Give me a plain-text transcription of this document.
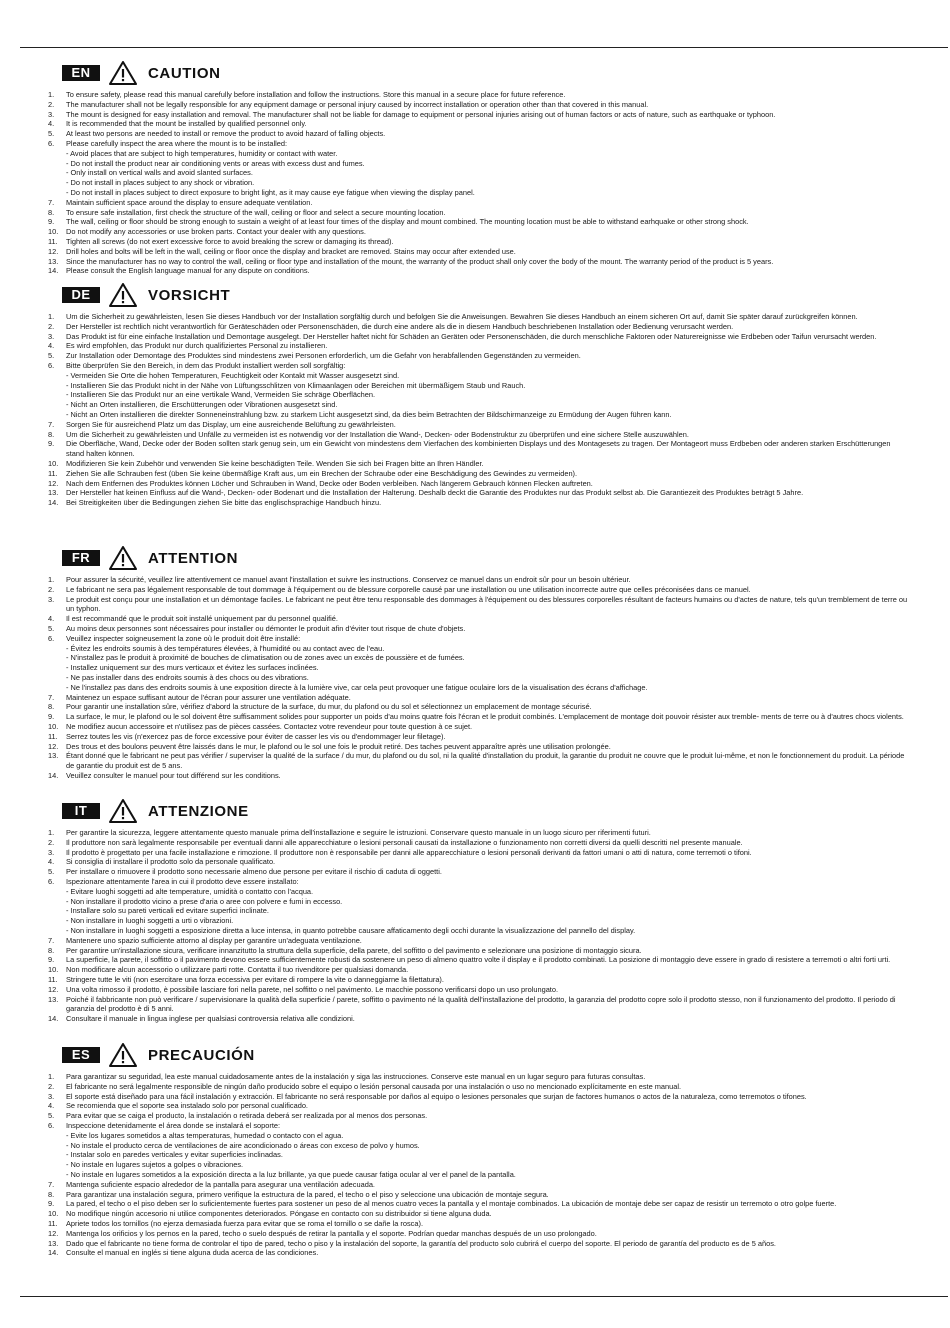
EN	CAUTION
1.	To ensure safety, please read this manual carefully before installation and follow the instructions. Store this manual in a secure place for future reference.
2.	The manufacturer shall not be legally responsible for any equipment damage or personal injury caused by incorrect installation or operation other than that covered in this manual.
3.	The mount is designed for easy installation and removal. The manufacturer shall not be liable for damage to equipment or personal injuries arising out of human factors or acts of nature, such as earthquake or typhoon.
4.	It is recommended that the mount be installed by qualified personnel only.
5.	At least two persons are needed to install or remove the product to avoid hazard of falling objects.
6.	Please carefully inspect the area where the mount is to be installed:
- Avoid places that are subject to high temperatures, humidity or contact with water.
- Do not install the product near air conditioning vents or areas with excess dust and fumes.
- Only install on vertical walls and avoid slanted surfaces.
- Do not install in places subject to any shock or vibration.
- Do not install in places subject to direct exposure to bright light, as it may cause eye fatigue when viewing the display panel.
7.	Maintain sufficient space around the display to ensure adequate ventilation.
8.	To ensure safe installation, first check the structure of the wall, ceiling or floor and select a secure mounting location.
9.	The wall, ceiling or floor should be strong enough to sustain a weight of at least four times of the display and mount combined. The mounting location must be able to withstand earhquake or other strong shock.
10.	Do not modify any accessories or use broken parts. Contact your dealer with any questions.
11.	Tighten all screws (do not exert excessive force to avoid breaking the screw or damaging its thread).
12.	Drill holes and bolts will be left in the wall, ceiling or floor once the display and bracket are removed. Stains may occur after extended use.
13.	Since the manufacturer has no way to control the wall, ceiling or floor type and installation of the mount, the warranty of the product shall only cover the body of the mount. The warranty period of the product is 5 years.
14.	Please consult the English language manual for any dispute on conditions.
DE	VORSICHT
1.	Um die Sicherheit zu gewährleisten, lesen Sie dieses Handbuch vor der Installation sorgfältig durch und befolgen Sie die Anweisungen. Bewahren Sie dieses Handbuch an einem sicheren Ort auf, damit Sie später darauf zurückgreifen können.
2.	Der Hersteller ist rechtlich nicht verantwortlich für Geräteschäden oder Personenschäden, die durch eine andere als die in diesem Handbuch beschriebenen Installation oder Bedienung verursacht werden.
3.	Das Produkt ist für eine einfache Installation und Demontage ausgelegt. Der Hersteller haftet nicht für Schäden an Geräten oder Personenschäden, die durch menschliche Faktoren oder Naturereignisse wie Erdbeben oder Taifun verursacht werden.
4.	Es wird empfohlen, das Produkt nur durch qualifiziertes Personal zu installieren.
5.	Zur Installation oder Demontage des Produktes sind mindestens zwei Personen erforderlich, um die Gefahr von herabfallenden Gegenständen zu vermeiden.
6.	Bitte überprüfen Sie den Bereich, in dem das Produkt installiert werden soll sorgfältig:
- Vermeiden Sie Orte die hohen Temperaturen, Feuchtigkeit oder Kontakt mit Wasser ausgesetzt sind.
- Installieren Sie das Produkt nicht in der Nähe von Lüftungsschlitzen von Klimaanlagen oder Bereichen mit übermäßigem Staub und Rauch.
- Installieren Sie das Produkt nur an eine vertikale Wand, Vermeiden Sie schräge Oberflächen.
- Nicht an Orten installieren, die Erschütterungen oder Vibrationen ausgesetzt sind.
- Nicht an Orten installieren die direkter Sonneneinstrahlung bzw. zu starkem Licht ausgesetzt sind, da dies beim Betrachten der Bildschirmanzeige zu Ermüdung der Augen führen kann.
7.	Sorgen Sie für ausreichend Platz um das Display, um eine ausreichende Belüftung zu gewährleisten.
8.	Um die Sicherheit zu gewährleisten und Unfälle zu vermeiden ist es notwendig vor der Installation die Wand-, Decken- oder Bodenstruktur zu überprüfen und eine sichere Stelle auszuwählen.
9.	Die Oberfläche, Wand, Decke oder der Boden sollten stark genug sein, um ein Gewicht von mindestens dem Vierfachen des kombinierten Displays und des Montagesets zu tragen. Der Montageort muss Erdbeben oder anderen starken Erschütterungen stand halten können.
10.	Modifizieren Sie kein Zubehör und verwenden Sie keine beschädigten Teile. Wenden Sie sich bei Fragen bitte an Ihren Händler.
11.	Ziehen Sie alle Schrauben fest (üben Sie keine übermäßige Kraft aus, um ein Brechen der Schraube oder eine Beschädigung des Gewindes zu vermeiden).
12.	Nach dem Entfernen des Produktes können Löcher und Schrauben in Wand, Decke oder Boden verbleiben. Nach längerem Gebrauch können Flecken auftreten.
13.	Der Hersteller hat keinen Einfluss auf die Wand-, Decken- oder Bodenart und die Installation der Halterung. Deshalb deckt die Garantie des Produktes nur das Produkt selbst ab. Die Garantiezeit des Produktes beträgt 5 Jahre.
14.	Bei Streitigkeiten über die Bedingungen ziehen Sie bitte das englischsprachige Handbuch hinzu.
FR	ATTENTION
1.	Pour assurer la sécurité, veuillez lire attentivement ce manuel avant l'installation et suivre les instructions. Conservez ce manuel dans un endroit sûr pour un besoin ultérieur.
2.	Le fabricant ne sera pas légalement responsable de tout dommage à l'équipement ou de blessure corporelle causé par une installation ou une utilisation incorrecte autre que celles préconisées dans ce manuel.
3.	Le produit est conçu pour une installation et un démontage faciles. Le fabricant ne peut être tenu responsable des dommages à l'équipement ou des blessures corporelles résultant de facteurs humains ou d'actes de nature, tels qu'un tremblement de terre ou un typhon.
4.	Il est recommandé que le produit soit installé uniquement par du personnel qualifié.
5.	Au moins deux personnes sont nécessaires pour installer ou démonter le produit afin d'éviter tout risque de chute d'objets.
6.	Veuillez inspecter soigneusement la zone où le produit doit être installé:
- Évitez les endroits soumis à des températures élevées, à l'humidité ou au contact avec de l'eau.
- N'installez pas le produit à proximité de bouches de climatisation ou de zones avec un excès de poussière et de fumées.
- Installez uniquement sur des murs verticaux et évitez les surfaces inclinées.
- Ne pas installer dans des endroits soumis à des chocs ou des vibrations.
- Ne l'installez pas dans des endroits soumis à une exposition directe à la lumière vive, car cela peut provoquer une fatigue oculaire lors de la visualisation des écrans d'affichage.
7.	Maintenez un espace suffisant autour de l'écran pour assurer une ventilation adéquate.
8.	Pour garantir une installation sûre, vérifiez d'abord la structure de la surface, du mur, du plafond ou du sol et sélectionnez un emplacement de montage sécurisé.
9.	La surface, le mur, le plafond ou le sol doivent être suffisamment solides pour supporter un poids d'au moins quatre fois l'écran et le produit combinés. L'emplacement de montage doit pouvoir résister aux tremble- ments de terre ou à d'autres chocs violents.
10.	Ne modifiez aucun accessoire et n'utilisez pas de pièces cassées. Contactez votre revendeur pour toute question à ce sujet.
11.	Serrez toutes les vis (n'exercez pas de force excessive pour éviter de casser les vis ou d'endommager leur filetage).
12.	Des trous et des boulons peuvent être laissés dans le mur, le plafond ou le sol une fois le produit retiré. Des taches peuvent apparaître après une utilisation prolongée.
13.	Étant donné que le fabricant ne peut pas vérifier / superviser la qualité de la surface / du mur, du plafond ou du sol, ni la qualité d'installation du produit, la garantie du produit ne couvre que le produit lui-même, et non le fonctionnement du produit. La période de garantie du produit est de 5 ans.
14.	Veuillez consulter le manuel pour tout différend sur les conditions.
IT	ATTENZIONE
1.	Per garantire la sicurezza, leggere attentamente questo manuale prima dell'installazione e seguire le istruzioni. Conservare questo manuale in un luogo sicuro per riferimenti futuri.
2.	Il produttore non sarà legalmente responsabile per eventuali danni alle apparecchiature o lesioni personali causati da installazione o funzionamento non corretti diversi da quelli descritti nel presente manuale.
3.	Il prodotto è progettato per una facile installazione e rimozione. Il produttore non è responsabile per danni alle apparecchiature o lesioni personali derivanti da fattori umani o atti di natura, come terremoti o tifoni.
4.	Si consiglia di installare il prodotto solo da personale qualificato.
5.	Per installare o rimuovere il prodotto sono necessarie almeno due persone per evitare il rischio di caduta di oggetti.
6.	Ispezionare attentamente l'area in cui il prodotto deve essere installato:
- Evitare luoghi soggetti ad alte temperature, umidità o contatto con l'acqua.
- Non installare il prodotto vicino a prese d'aria o aree con polvere e fumi in eccesso.
- Installare solo su pareti verticali ed evitare superfici inclinate.
- Non installare in luoghi soggetti a urti o vibrazioni.
- Non installare in luoghi soggetti a esposizione diretta a luce intensa, in quanto potrebbe causare affaticamento degli occhi durante la visualizzazione del pannello del display.
7.	Mantenere uno spazio sufficiente attorno al display per garantire un'adeguata ventilazione.
8.	Per garantire un'installazione sicura, verificare innanzitutto la struttura della superficie, della parete, del soffitto o del pavimento e selezionare una posizione di montaggio sicura.
9.	La superficie, la parete, il soffitto o il pavimento devono essere sufficientemente robusti da sostenere un peso di almeno quattro volte il display e il prodotto combinati. La posizione di montaggio deve essere in grado di resistere a terremoti o altri forti urti.
10.	Non modificare alcun accessorio o utilizzare parti rotte. Contatta il tuo rivenditore per qualsiasi domanda.
11.	Stringere tutte le viti (non esercitare una forza eccessiva per evitare di rompere la vite o danneggiarne la filettatura).
12.	Una volta rimosso il prodotto, è possibile lasciare fori nella parete, nel soffitto o nel pavimento. Le macchie possono verificarsi dopo un uso prolungato.
13.	Poiché il fabbricante non può verificare / supervisionare la qualità della superficie / parete, soffitto o pavimento né la qualità dell'installazione del prodotto, la garanzia del prodotto copre solo il prodotto stesso, non il funzionamento del prodotto. Il periodo di garanzia del prodotto è di 5 anni.
14.	Consultare il manuale in lingua inglese per qualsiasi controversia relativa alle condizioni.
ES	PRECAUCIÓN
1.	Para garantizar su seguridad, lea este manual cuidadosamente antes de la instalación y siga las instrucciones. Conserve este manual en un lugar seguro para futuras consultas.
2.	El fabricante no será legalmente responsible de ningún daño producido sobre el equipo o lesión personal causada por una instalación o uso no mencionado explícitamente en este manual.
3.	El soporte está diseñado para una fácil instalación y extracción. El fabricante no será responsable por daños al equipo o lesiones personales que surjan de factores humanos o actos de la naturaleza, como terremotos o tifones.
4.	Se recomienda que el soporte sea instalado solo por personal cualificado.
5.	Para evitar que se caiga el producto, la instalación o retirada deberá ser realizada por al menos dos personas.
6.	Inspeccione detenidamente el área donde se instalará el soporte:
- Evite los lugares sometidos a altas temperaturas, humedad o contacto con el agua.
- No instale el producto cerca de ventilaciones de aire acondicionado o áreas con exceso de polvo y humos.
- Instalar solo en paredes verticales y evitar superficies inclinadas.
- No instale en lugares sujetos a golpes o vibraciones.
- No instale en lugares sometidos a la exposición directa a la luz brillante, ya que puede causar fatiga ocular al ver el panel de la pantalla.
7.	Mantenga suficiente espacio alrededor de la pantalla para asegurar una ventilación adecuada.
8.	Para garantizar una instalación segura, primero verifique la estructura de la pared, el techo o el piso y seleccione una ubicación de montaje segura.
9.	La pared, el techo o el piso deben ser lo suficientemente fuertes para sostener un peso de al menos cuatro veces la pantalla y el montaje combinados. La ubicación de montaje debe ser capaz de resistir un terremoto o otro golpe fuerte.
10.	No modifique ningún accesorio ni utilice componentes deteriorados. Póngase en contacto con su distribuidor si tiene alguna duda.
11.	Apriete todos los tornillos (no ejerza demasiada fuerza para evitar que se roma el tornillo o se dañe la rosca).
12.	Mantenga los orificios y los pernos en la pared, techo o suelo después de retirar la pantalla y el soporte. Podrían quedar manchas después de un uso prolongado.
13.	Dado que el fabricante no tiene forma de controlar el tipo de pared, techo o piso y la instalación del soporte, la garantía del producto solo cubrirá el cuerpo del soporte. El periodo de garantía del producto es de 5 años.
14.	Consulte el manual en inglés si tiene alguna duda acerca de las condiciones.
